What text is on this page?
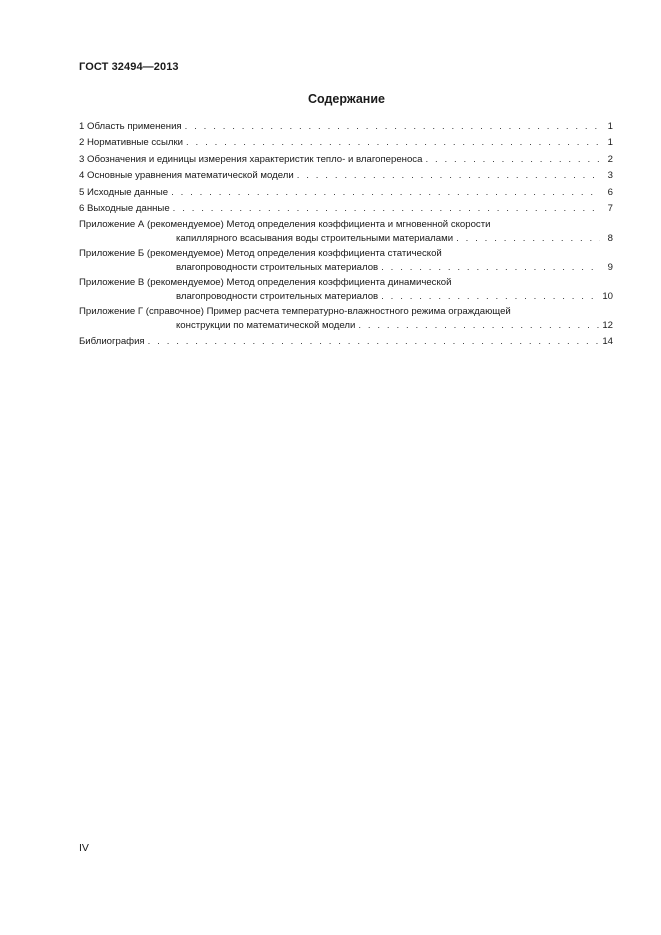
ГОСТ 32494—2013
Содержание
1 Область применения . . .	1
2 Нормативные ссылки . . .	1
3 Обозначения и единицы измерения характеристик тепло- и влагопереноса . . .	2
4 Основные уравнения математической модели . . .	3
5 Исходные данные . . .	6
6 Выходные данные . . .	7
Приложение А (рекомендуемое) Метод определения коэффициента и мгновенной скорости
капиллярного всасывания воды строительными материалами . . .	8
Приложение Б (рекомендуемое) Метод определения коэффициента статической
влагопроводности строительных материалов . . .	9
Приложение В (рекомендуемое) Метод определения коэффициента динамической
влагопроводности строительных материалов . . .	10
Приложение Г (справочное) Пример расчета температурно-влажностного режима ограждающей
конструкции по математической модели . . .	12
Библиография . . .	14
IV
